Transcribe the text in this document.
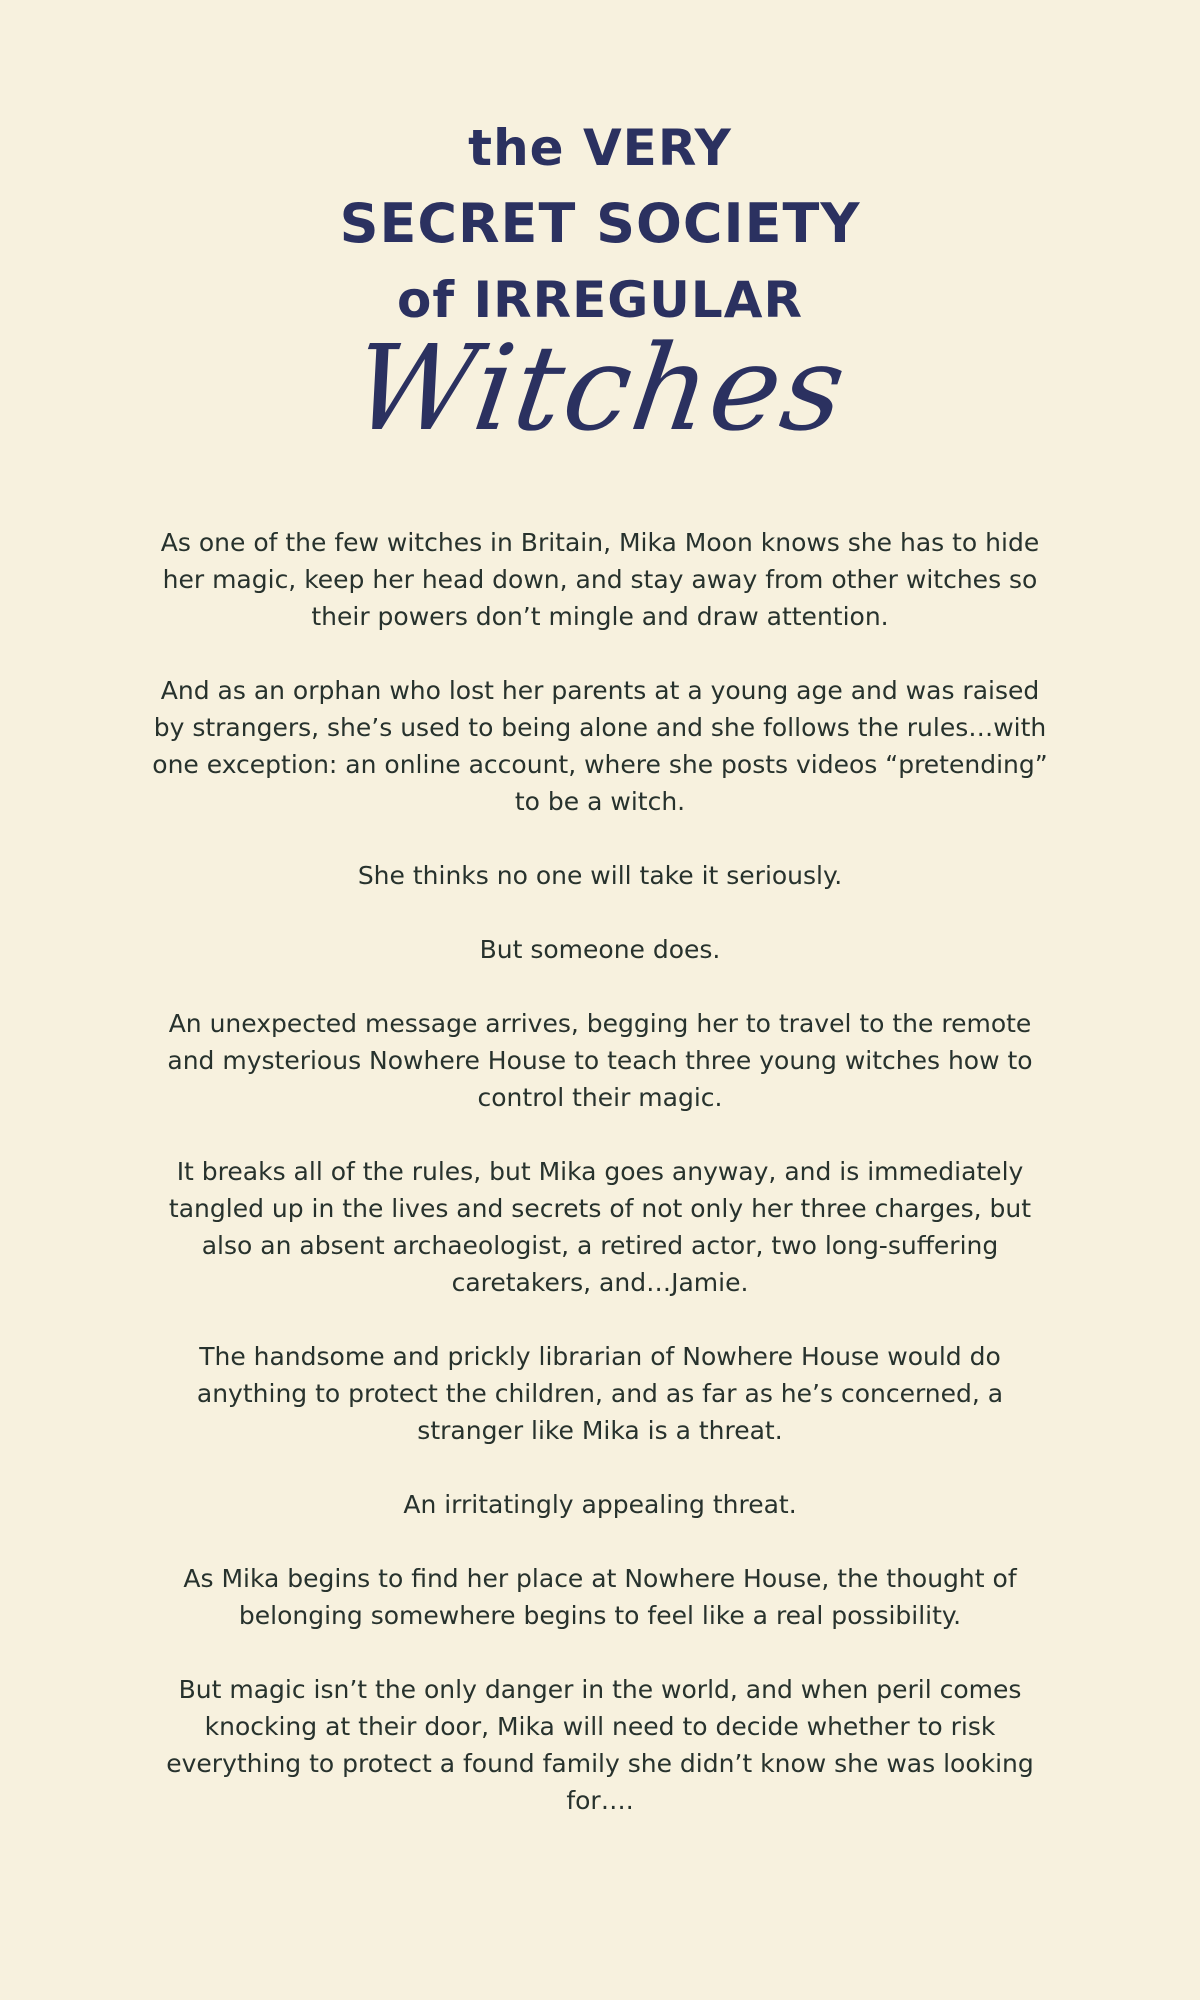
the VERY
SECRET SOCIETY
of IRREGULAR
Witches

As one of the few witches in Britain, Mika Moon knows she has to hide her magic, keep her head down, and stay away from other witches so their powers don’t mingle and draw attention.

And as an orphan who lost her parents at a young age and was raised by strangers, she’s used to being alone and she follows the rules…with one exception: an online account, where she posts videos “pretending” to be a witch.

She thinks no one will take it seriously.

But someone does.

An unexpected message arrives, begging her to travel to the remote and mysterious Nowhere House to teach three young witches how to control their magic.

It breaks all of the rules, but Mika goes anyway, and is immediately tangled up in the lives and secrets of not only her three charges, but also an absent archaeologist, a retired actor, two long-suffering caretakers, and…Jamie.

The handsome and prickly librarian of Nowhere House would do anything to protect the children, and as far as he’s concerned, a stranger like Mika is a threat.

An irritatingly appealing threat.

As Mika begins to find her place at Nowhere House, the thought of belonging somewhere begins to feel like a real possibility.

But magic isn’t the only danger in the world, and when peril comes knocking at their door, Mika will need to decide whether to risk everything to protect a found family she didn’t know she was looking for….
